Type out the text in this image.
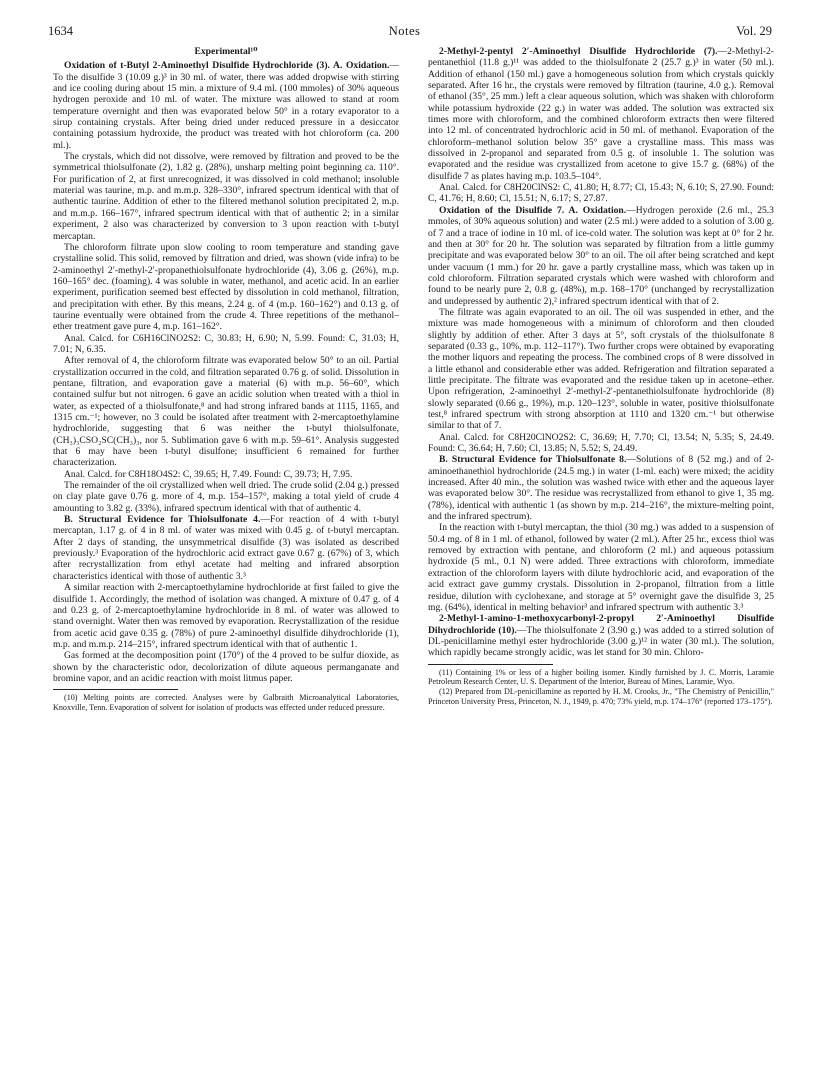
1634	Notes	Vol. 29

Experimental¹⁰

Oxidation of t-Butyl 2-Aminoethyl Disulfide Hydrochloride (3). A. Oxidation.—To the disulfide 3 (10.09 g.)³ in 30 ml. of water, there was added dropwise with stirring and ice cooling during about 15 min. a mixture of 9.4 ml. (100 mmoles) of 30% aqueous hydrogen peroxide and 10 ml. of water. The mixture was allowed to stand at room temperature overnight and then was evaporated below 50° in a rotary evaporator to a sirup containing crystals. After being dried under reduced pressure in a desiccator containing potassium hydroxide, the product was treated with hot chloroform (ca. 200 ml.).

The crystals, which did not dissolve, were removed by filtration and proved to be the symmetrical thiolsulfonate (2), 1.82 g. (28%), unsharp melting point beginning ca. 110°. For purification of 2, at first unrecognized, it was dissolved in cold methanol; insoluble material was taurine, m.p. and m.m.p. 328–330°, infrared spectrum identical with that of authentic taurine. Addition of ether to the filtered methanol solution precipitated 2, m.p. and m.m.p. 166–167°, infrared spectrum identical with that of authentic 2; in a similar experiment, 2 also was characterized by conversion to 3 upon reaction with t-butyl mercaptan.

The chloroform filtrate upon slow cooling to room temperature and standing gave crystalline solid. This solid, removed by filtration and dried, was shown (vide infra) to be 2-aminoethyl 2′-methyl-2′-propanethiolsulfonate hydrochloride (4), 3.06 g. (26%), m.p. 160–165° dec. (foaming). 4 was soluble in water, methanol, and acetic acid. In an earlier experiment, purification seemed best effected by dissolution in cold methanol, filtration, and precipitation with ether. By this means, 2.24 g. of 4 (m.p. 160–162°) and 0.13 g. of taurine eventually were obtained from the crude 4. Three repetitions of the methanol–ether treatment gave pure 4, m.p. 161–162°.

Anal. Calcd. for C6H16ClNO2S2: C, 30.83; H, 6.90; N, 5.99. Found: C, 31.03; H, 7.01; N, 6.35.

After removal of 4, the chloroform filtrate was evaporated below 50° to an oil. Partial crystallization occurred in the cold, and filtration separated 0.76 g. of solid. Dissolution in pentane, filtration, and evaporation gave a material (6) with m.p. 56–60°, which contained sulfur but not nitrogen. 6 gave an acidic solution when treated with a thiol in water, as expected of a thiolsulfonate,⁸ and had strong infrared bands at 1115, 1165, and 1315 cm.⁻¹; however, no 3 could be isolated after treatment with 2-mercaptoethylamine hydrochloride, suggesting that 6 was neither the t-butyl thiolsulfonate, (CH₃)₃CSO₂SC(CH₃)₃, nor 5. Sublimation gave 6 with m.p. 59–61°. Analysis suggested that 6 may have been t-butyl disulfone; insufficient 6 remained for further characterization.

Anal. Calcd. for C8H18O4S2: C, 39.65; H, 7.49. Found: C, 39.73; H, 7.95.

The remainder of the oil crystallized when well dried. The crude solid (2.04 g.) pressed on clay plate gave 0.76 g. more of 4, m.p. 154–157°, making a total yield of crude 4 amounting to 3.82 g. (33%), infrared spectrum identical with that of authentic 4.

B. Structural Evidence for Thiolsulfonate 4.—For reaction of 4 with t-butyl mercaptan, 1.17 g. of 4 in 8 ml. of water was mixed with 0.45 g. of t-butyl mercaptan. After 2 days of standing, the unsymmetrical disulfide (3) was isolated as described previously.³ Evaporation of the hydrochloric acid extract gave 0.67 g. (67%) of 3, which after recrystallization from ethyl acetate had melting and infrared absorption characteristics identical with those of authentic 3.³

A similar reaction with 2-mercaptoethylamine hydrochloride at first failed to give the disulfide 1. Accordingly, the method of isolation was changed. A mixture of 0.47 g. of 4 and 0.23 g. of 2-mercaptoethylamine hydrochloride in 8 ml. of water was allowed to stand overnight. Water then was removed by evaporation. Recrystallization of the residue from acetic acid gave 0.35 g. (78%) of pure 2-aminoethyl disulfide dihydrochloride (1), m.p. and m.m.p. 214–215°, infrared spectrum identical with that of authentic 1.

Gas formed at the decomposition point (170°) of the 4 proved to be sulfur dioxide, as shown by the characteristic odor, decolorization of dilute aqueous permanganate and bromine vapor, and an acidic reaction with moist litmus paper.

(10) Melting points are corrected. Analyses were by Galbraith Microanalytical Laboratories, Knoxville, Tenn. Evaporation of solvent for isolation of products was effected under reduced pressure.

2-Methyl-2-pentyl 2′-Aminoethyl Disulfide Hydrochloride (7).—2-Methyl-2-pentanethiol (11.8 g.)¹¹ was added to the thiolsulfonate 2 (25.7 g.)³ in water (50 ml.). Addition of ethanol (150 ml.) gave a homogeneous solution from which crystals quickly separated. After 16 hr., the crystals were removed by filtration (taurine, 4.0 g.). Removal of ethanol (35°, 25 mm.) left a clear aqueous solution, which was shaken with chloroform while potassium hydroxide (22 g.) in water was added. The solution was extracted six times more with chloroform, and the combined chloroform extracts then were filtered into 12 ml. of concentrated hydrochloric acid in 50 ml. of methanol. Evaporation of the chloroform–methanol solution below 35° gave a crystalline mass. This mass was dissolved in 2-propanol and separated from 0.5 g. of insoluble 1. The solution was evaporated and the residue was crystallized from acetone to give 15.7 g. (68%) of the disulfide 7 as plates having m.p. 103.5–104°.

Anal. Calcd. for C8H20ClNS2: C, 41.80; H, 8.77; Cl, 15.43; N, 6.10; S, 27.90. Found: C, 41.76; H, 8.60; Cl, 15.51; N, 6.17; S, 27.87.

Oxidation of the Disulfide 7. A. Oxidation.—Hydrogen peroxide (2.6 ml., 25.3 mmoles, of 30% aqueous solution) and water (2.5 ml.) were added to a solution of 3.00 g. of 7 and a trace of iodine in 10 ml. of ice-cold water. The solution was kept at 0° for 2 hr. and then at 30° for 20 hr. The solution was separated by filtration from a little gummy precipitate and was evaporated below 30° to an oil. The oil after being scratched and kept under vacuum (1 mm.) for 20 hr. gave a partly crystalline mass, which was taken up in cold chloroform. Filtration separated crystals which were washed with chloroform and found to be nearly pure 2, 0.8 g. (48%), m.p. 168–170° (unchanged by recrystallization and undepressed by authentic 2),² infrared spectrum identical with that of 2.

The filtrate was again evaporated to an oil. The oil was suspended in ether, and the mixture was made homogeneous with a minimum of chloroform and then clouded slightly by addition of ether. After 3 days at 5°, soft crystals of the thiolsulfonate 8 separated (0.33 g., 10%, m.p. 112–117°). Two further crops were obtained by evaporating the mother liquors and repeating the process. The combined crops of 8 were dissolved in a little ethanol and considerable ether was added. Refrigeration and filtration separated a little precipitate. The filtrate was evaporated and the residue taken up in acetone–ether. Upon refrigeration, 2-aminoethyl 2′-methyl-2′-pentanethiolsulfonate hydrochloride (8) slowly separated (0.66 g., 19%), m.p. 120–123°, soluble in water, positive thiolsulfonate test,⁸ infrared spectrum with strong absorption at 1110 and 1320 cm.⁻¹ but otherwise similar to that of 7.

Anal. Calcd. for C8H20ClNO2S2: C, 36.69; H, 7.70; Cl, 13.54; N, 5.35; S, 24.49. Found: C, 36.64; H, 7.60; Cl, 13.85; N, 5.52; S, 24.49.

B. Structural Evidence for Thiolsulfonate 8.—Solutions of 8 (52 mg.) and of 2-aminoethanethiol hydrochloride (24.5 mg.) in water (1-ml. each) were mixed; the acidity increased. After 40 min., the solution was washed twice with ether and the aqueous layer was evaporated below 30°. The residue was recrystallized from ethanol to give 1, 35 mg. (78%), identical with authentic 1 (as shown by m.p. 214–216°, the mixture-melting point, and the infrared spectrum).

In the reaction with t-butyl mercaptan, the thiol (30 mg.) was added to a suspension of 50.4 mg. of 8 in 1 ml. of ethanol, followed by water (2 ml.). After 25 hr., excess thiol was removed by extraction with pentane, and chloroform (2 ml.) and aqueous potassium hydroxide (5 ml., 0.1 N) were added. Three extractions with chloroform, immediate extraction of the chloroform layers with dilute hydrochloric acid, and evaporation of the acid extract gave gummy crystals. Dissolution in 2-propanol, filtration from a little residue, dilution with cyclohexane, and storage at 5° overnight gave the disulfide 3, 25 mg. (64%), identical in melting behavior³ and infrared spectrum with authentic 3.³

2-Methyl-1-amino-1-methoxycarbonyl-2-propyl 2′-Aminoethyl Disulfide Dihydrochloride (10).—The thiolsulfonate 2 (3.90 g.) was added to a stirred solution of DL-penicillamine methyl ester hydrochloride (3.00 g.)¹² in water (30 ml.). The solution, which rapidly became strongly acidic, was let stand for 30 min. Chloro-

(11) Containing 1% or less of a higher boiling isomer. Kindly furnished by J. C. Morris, Laramie Petroleum Research Center, U. S. Department of the Interior, Bureau of Mines, Laramie, Wyo.

(12) Prepared from DL-penicillamine as reported by H. M. Crooks, Jr., "The Chemistry of Penicillin," Princeton University Press, Princeton, N. J., 1949, p. 470; 73% yield, m.p. 174–176° (reported 173–175°).
